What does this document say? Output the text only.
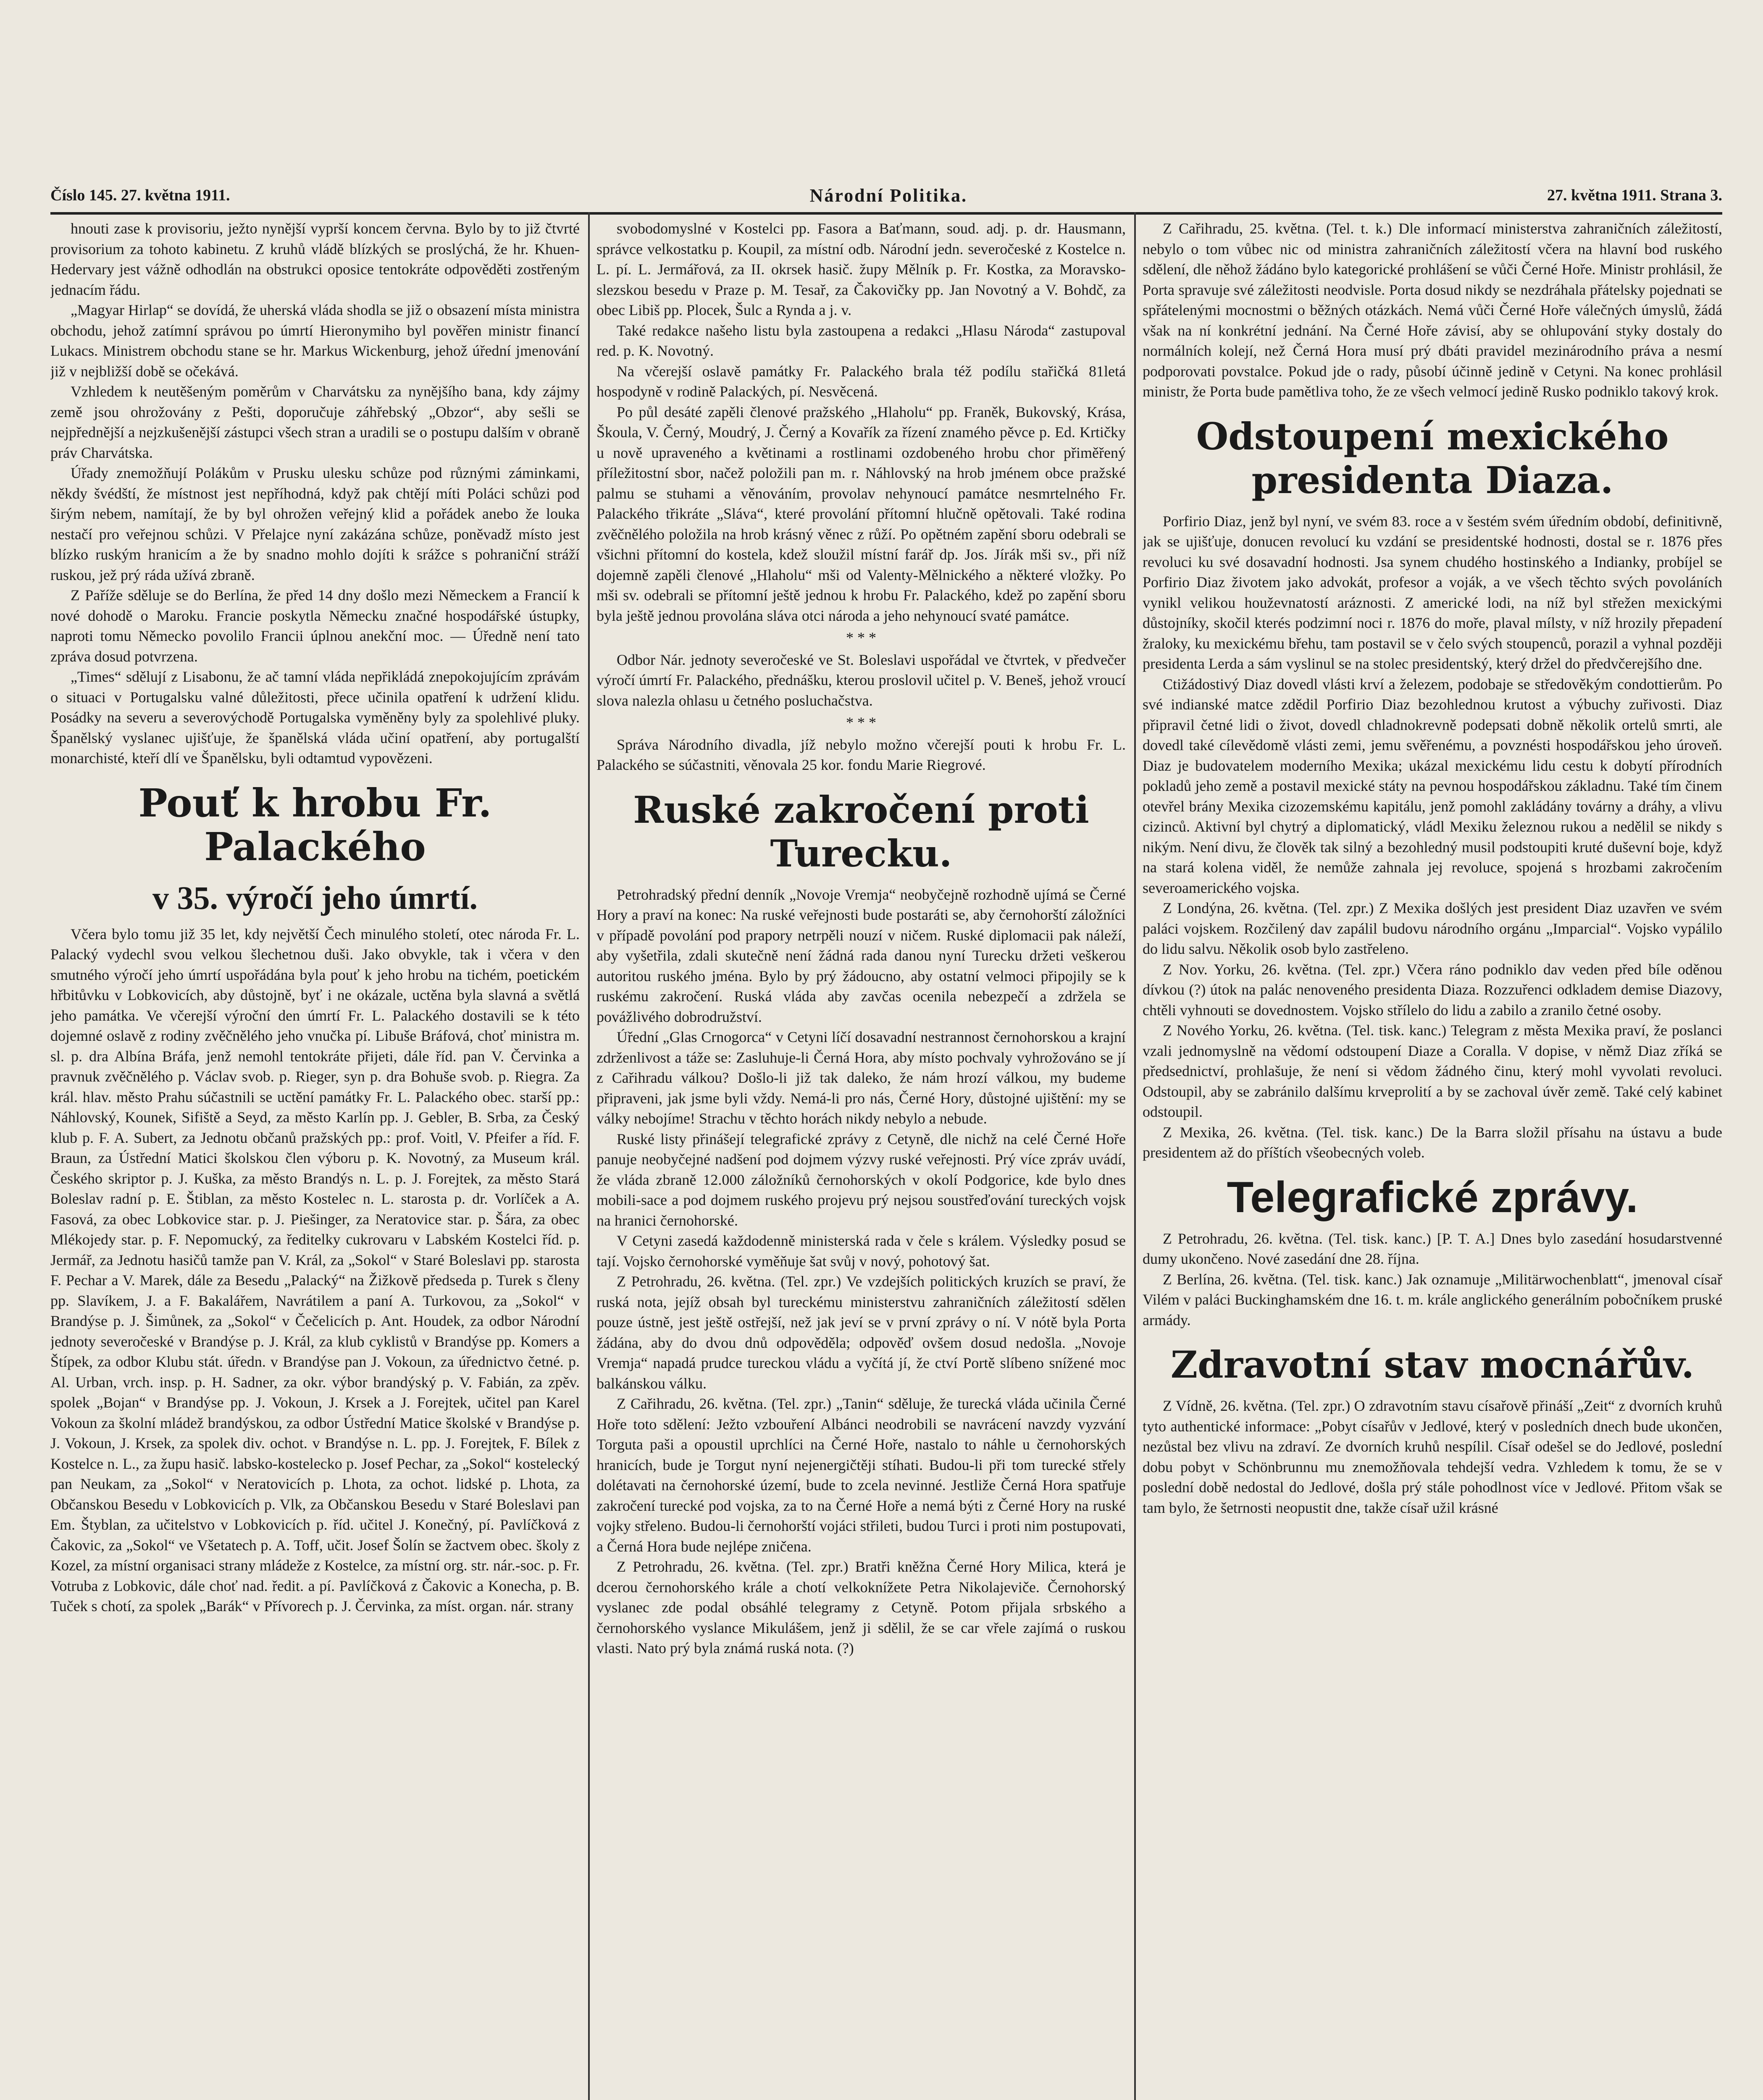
Číslo 145. 27. května 1911.	Národní Politika.	27. května 1911. Strana 3.

hnouti zase k provisoriu, ježto nynější vyprší koncem června. Bylo by to již čtvrté provisorium za tohoto kabinetu. Z kruhů vládě blízkých se proslýchá, že hr. Khuen-Hedervary jest vážně odhodlán na obstrukci oposice tentokráte odpověděti zostřeným jednacím řádu.

„Magyar Hirlap“ se dovídá, že uherská vláda shodla se již o obsazení místa ministra obchodu, jehož zatímní správou po úmrtí Hieronymiho byl pověřen ministr financí Lukacs. Ministrem obchodu stane se hr. Markus Wickenburg, jehož úřední jmenování již v nejbližší době se očekává.

Vzhledem k neutěšeným poměrům v Charvátsku za nynějšího bana, kdy zájmy země jsou ohrožovány z Pešti, doporučuje záhřebský „Obzor“, aby sešli se nejpřednější a nejzkušenější zástupci všech stran a uradili se o postupu dalším v obraně práv Charvátska.

Úřady znemožňují Polákům v Prusku ulesku schůze pod různými záminkami, někdy švédští, že místnost jest nepříhodná, když pak chtějí míti Poláci schůzi pod širým nebem, namítají, že by byl ohrožen veřejný klid a pořádek anebo že louka nestačí pro veřejnou schůzi. V Přelajce nyní zakázána schůze, poněvadž místo jest blízko ruským hranicím a že by snadno mohlo dojíti k srážce s pohraniční stráží ruskou, jež prý ráda užívá zbraně.

Z Paříže sděluje se do Berlína, že před 14 dny došlo mezi Německem a Francií k nové dohodě o Maroku. Francie poskytla Německu značné hospodářské ústupky, naproti tomu Německo povolilo Francii úplnou anekční moc. — Úředně není tato zpráva dosud potvrzena.

„Times“ sdělují z Lisabonu, že ač tamní vláda nepřikládá znepokojujícím zprávám o situaci v Portugalsku valné důležitosti, přece učinila opatření k udržení klidu. Posádky na severu a severovýchodě Portugalska vyměněny byly za spolehlivé pluky. Španělský vyslanec ujišťuje, že španělská vláda učiní opatření, aby portugalští monarchisté, kteří dlí ve Španělsku, byli odtamtud vypovězeni.

Pouť k hrobu Fr. Palackého
v 35. výročí jeho úmrtí.

Včera bylo tomu již 35 let, kdy největší Čech minulého století, otec národa Fr. L. Palacký vydechl svou velkou šlechetnou duši. Jako obvykle, tak i včera v den smutného výročí jeho úmrtí uspořádána byla pouť k jeho hrobu na tichém, poetickém hřbitůvku v Lobkovicích, aby důstojně, byť i ne okázale, uctěna byla slavná a světlá jeho památka. Ve včerejší výroční den úmrtí Fr. L. Palackého dostavili se k této dojemné oslavě z rodiny zvěčnělého jeho vnučka pí. Libuše Bráfová, choť ministra m. sl. p. dra Albína Bráfa, jenž nemohl tentokráte přijeti, dále říd. pan V. Červinka a pravnuk zvěčnělého p. Václav svob. p. Rieger, syn p. dra Bohuše svob. p. Riegra. Za král. hlav. město Prahu súčastnili se uctění památky Fr. L. Palackého obec. starší pp.: Náhlovský, Kounek, Sifiště a Seyd, za město Karlín pp. J. Gebler, B. Srba, za Český klub p. F. A. Subert, za Jednotu občanů pražských pp.: prof. Voitl, V. Pfeifer a říd. F. Braun, za Ústřední Matici školskou člen výboru p. K. Novotný, za Museum král. Českého skriptor p. J. Kuška, za město Brandýs n. L. p. J. Forejtek, za město Stará Boleslav radní p. E. Štiblan, za město Kostelec n. L. starosta p. dr. Vorlíček a A. Fasová, za obec Lobkovice star. p. J. Piešinger, za Neratovice star. p. Šára, za obec Mlékojedy star. p. F. Nepomucký, za ředitelky cukrovaru v Labském Kostelci říd. p. Jermář, za Jednotu hasičů tamže pan V. Král, za „Sokol“ v Staré Boleslavi pp. starosta F. Pechar a V. Marek, dále za Besedu „Palacký“ na Žižkově předseda p. Turek s členy pp. Slavíkem, J. a F. Bakalářem, Navrátilem a paní A. Turkovou, za „Sokol“ v Brandýse p. J. Šimůnek, za „Sokol“ v Čečelicích p. Ant. Houdek, za odbor Národní jednoty severočeské v Brandýse p. J. Král, za klub cyklistů v Brandýse pp. Komers a Štípek, za odbor Klubu stát. úředn. v Brandýse pan J. Vokoun, za úřednictvo četné. p. Al. Urban, vrch. insp. p. H. Sadner, za okr. výbor brandýský p. V. Fabián, za zpěv. spolek „Bojan“ v Brandýse pp. J. Vokoun, J. Krsek a J. Forejtek, učitel pan Karel Vokoun za školní mládež brandýskou, za odbor Ústřední Matice školské v Brandýse p. J. Vokoun, J. Krsek, za spolek div. ochot. v Brandýse n. L. pp. J. Forejtek, F. Bílek z Kostelce n. L., za župu hasič. labsko-kostelecko p. Josef Pechar, za „Sokol“ kostelecký pan Neukam, za „Sokol“ v Neratovicích p. Lhota, za ochot. lidské p. Lhota, za Občanskou Besedu v Lobkovicích p. Vlk, za Občanskou Besedu v Staré Boleslavi pan Em. Štyblan, za učitelstvo v Lobkovicích p. říd. učitel J. Konečný, pí. Pavlíčková z Čakovic, za „Sokol“ ve Všetatech p. A. Toff, učit. Josef Šolín se žactvem obec. školy z Kozel, za místní organisaci strany mládeže z Kostelce, za místní org. str. nár.-soc. p. Fr. Votruba z Lobkovic, dále choť nad. ředit. a pí. Pavlíčková z Čakovic a Konecha, p. B. Tuček s chotí, za spolek „Barák“ v Přívorech p. J. Červinka, za míst. organ. nár. strany

svobodomyslné v Kostelci pp. Fasora a Baťmann, soud. adj. p. dr. Hausmann, správce velkostatku p. Koupil, za místní odb. Národní jedn. severočeské z Kostelce n. L. pí. L. Jermářová, za II. okrsek hasič. župy Mělník p. Fr. Kostka, za Moravsko-slezskou besedu v Praze p. M. Tesař, za Čakovičky pp. Jan Novotný a V. Bohdč, za obec Libiš pp. Plocek, Šulc a Rynda a j. v.

Také redakce našeho listu byla zastoupena a redakci „Hlasu Národa“ zastupoval red. p. K. Novotný.

Na včerejší oslavě památky Fr. Palackého brala též podílu stařičká 81letá hospodyně v rodině Palackých, pí. Nesvěcená.

Po půl desáté zapěli členové pražského „Hlaholu“ pp. Franěk, Bukovský, Krása, Škoula, V. Černý, Moudrý, J. Černý a Kovařík za řízení znamého pěvce p. Ed. Krtičky u nově upraveného a květinami a rostlinami ozdobeného hrobu chor přiměřený příležitostní sbor, načež položili pan m. r. Náhlovský na hrob jménem obce pražské palmu se stuhami a věnováním, provolav nehynoucí památce nesmrtelného Fr. Palackého třikráte „Sláva“, které provolání přítomní hlučně opětovali. Také rodina zvěčnělého položila na hrob krásný věnec z růží. Po opětném zapění sboru odebrali se všichni přítomní do kostela, kdež sloužil místní farář dp. Jos. Jírák mši sv., při níž dojemně zapěli členové „Hlaholu“ mši od Valenty-Mělnického a některé vložky. Po mši sv. odebrali se přítomní ještě jednou k hrobu Fr. Palackého, kdež po zapění sboru byla ještě jednou provolána sláva otci národa a jeho nehynoucí svaté památce.

* * *

Odbor Nár. jednoty severočeské ve St. Boleslavi uspořádal ve čtvrtek, v předvečer výročí úmrtí Fr. Palackého, přednášku, kterou proslovil učitel p. V. Beneš, jehož vroucí slova nalezla ohlasu u četného posluchačstva.

* * *

Správa Národního divadla, jíž nebylo možno včerejší pouti k hrobu Fr. L. Palackého se súčastniti, věnovala 25 kor. fondu Marie Riegrové.

Ruské zakročení proti Turecku.

Petrohradský přední denník „Novoje Vremja“ neobyčejně rozhodně ujímá se Černé Hory a praví na konec: Na ruské veřejnosti bude postaráti se, aby černohorští záložníci v případě povolání pod prapory netrpěli nouzí v ničem. Ruské diplomacii pak náleží, aby vyšetřila, zdali skutečně není žádná rada danou nyní Turecku držeti veškerou autoritou ruského jména. Bylo by prý žádoucno, aby ostatní velmoci připojily se k ruskému zakročení. Ruská vláda aby zavčas ocenila nebezpečí a zdržela se povážlivého dobrodružství.

Úřední „Glas Crnogorca“ v Cetyni líčí dosavadní nestrannost černohorskou a krajní zdrženlivost a táže se: Zasluhuje-li Černá Hora, aby místo pochvaly vyhrožováno se jí z Cařihradu válkou? Došlo-li již tak daleko, že nám hrozí válkou, my budeme připraveni, jak jsme byli vždy. Nemá-li pro nás, Černé Hory, důstojné ujištění: my se války nebojíme! Strachu v těchto horách nikdy nebylo a nebude.

Ruské listy přinášejí telegrafické zprávy z Cetyně, dle nichž na celé Černé Hoře panuje neobyčejné nadšení pod dojmem výzvy ruské veřejnosti. Prý více zpráv uvádí, že vláda zbraně 12.000 záložníků černohorských v okolí Podgorice, kde bylo dnes mobili-sace a pod dojmem ruského projevu prý nejsou soustřeďování tureckých vojsk na hranici černohorské.

V Cetyni zasedá každodenně ministerská rada v čele s králem. Výsledky posud se tají. Vojsko černohorské vyměňuje šat svůj v nový, pohotový šat.

Z Petrohradu, 26. května. (Tel. zpr.) Ve vzdejších politických kruzích se praví, že ruská nota, jejíž obsah byl tureckému ministerstvu zahraničních záležitostí sdělen pouze ústně, jest ještě ostřejší, než jak jeví se v první zprávy o ní. V nótě byla Porta žádána, aby do dvou dnů odpověděla; odpověď ovšem dosud nedošla. „Novoje Vremja“ napadá prudce tureckou vládu a vyčítá jí, že ctví Portě slíbeno snížené moc balkánskou válku.

Z Cařihradu, 26. května. (Tel. zpr.) „Tanin“ sděluje, že turecká vláda učinila Černé Hoře toto sdělení: Ježto vzbouření Albánci neodrobili se navrácení navzdy vyzvání Torguta paši a opoustil uprchlíci na Černé Hoře, nastalo to náhle u černohorských hranicích, bude je Torgut nyní nejenergičtěji stíhati. Budou-li při tom turecké střely dolétavati na černohorské území, bude to zcela nevinné. Jestliže Černá Hora spatřuje zakročení turecké pod vojska, za to na Černé Hoře a nemá býti z Černé Hory na ruské vojky střeleno. Budou-li černohorští vojáci střileti, budou Turci i proti nim postupovati, a Černá Hora bude nejlépe zničena.

Z Petrohradu, 26. května. (Tel. zpr.) Bratři kněžna Černé Hory Milica, která je dcerou černohorského krále a chotí velkoknížete Petra Nikolajeviče. Černohorský vyslanec zde podal obsáhlé telegramy z Cetyně. Potom přijala srbského a černohorského vyslance Mikulášem, jenž ji sdělil, že se car vřele zajímá o ruskou vlasti. Nato prý byla známá ruská nota. (?)

Z Cařihradu, 25. května. (Tel. t. k.) Dle informací ministerstva zahraničních záležitostí, nebylo o tom vůbec nic od ministra zahraničních záležitostí včera na hlavní bod ruského sdělení, dle něhož žádáno bylo kategorické prohlášení se vůči Černé Hoře. Ministr prohlásil, že Porta spravuje své záležitosti neodvisle. Porta dosud nikdy se nezdráhala přátelsky pojednati se spřátelenými mocnostmi o běžných otázkách. Nemá vůči Černé Hoře válečných úmyslů, žádá však na ní konkrétní jednání. Na Černé Hoře závisí, aby se ohlupování styky dostaly do normálních kolejí, než Černá Hora musí prý dbáti pravidel mezinárodního práva a nesmí podporovati povstalce. Pokud jde o rady, působí účinně jedině v Cetyni. Na konec prohlásil ministr, že Porta bude pamětliva toho, že ze všech velmocí jedině Rusko podniklo takový krok.

Odstoupení mexického presidenta Diaza.

Porfirio Diaz, jenž byl nyní, ve svém 83. roce a v šestém svém úředním období, definitivně, jak se ujišťuje, donucen revolucí ku vzdání se presidentské hodnosti, dostal se r. 1876 přes revoluci ku své dosavadní hodnosti. Jsa synem chudého hostinského a Indianky, probíjel se Porfirio Diaz životem jako advokát, profesor a voják, a ve všech těchto svých povoláních vynikl velikou houževnatostí aráznosti. Z americké lodi, na níž byl střežen mexickými důstojníky, skočil kterés podzimní noci r. 1876 do moře, plaval mílsty, v níž hrozily přepadení žraloky, ku mexickému břehu, tam postavil se v čelo svých stoupenců, porazil a vyhnal později presidenta Lerda a sám vyslinul se na stolec presidentský, který držel do předvčerejšího dne.

Ctižádostivý Diaz dovedl vlásti krví a železem, podobaje se středověkým condottierům. Po své indianské matce zdědil Porfirio Diaz bezohlednou krutost a výbuchy zuřivosti. Diaz připravil četné lidi o život, dovedl chladnokrevně podepsati dobně několik ortelů smrti, ale dovedl také cílevědomě vlásti zemi, jemu svěřenému, a povznésti hospodářskou jeho úroveň. Diaz je budovatelem moderního Mexika; ukázal mexickému lidu cestu k dobytí přírodních pokladů jeho země a postavil mexické státy na pevnou hospodářskou základnu. Také tím činem otevřel brány Mexika cizozemskému kapitálu, jenž pomohl zakládány továrny a dráhy, a vlivu cizinců. Aktivní byl chytrý a diplomatický, vládl Mexiku železnou rukou a nedělil se nikdy s nikým. Není divu, že člověk tak silný a bezohledný musil podstoupiti kruté duševní boje, když na stará kolena viděl, že nemůže zahnala jej revoluce, spojená s hrozbami zakročením severoamerického vojska.

Z Londýna, 26. května. (Tel. zpr.) Z Mexika došlých jest president Diaz uzavřen ve svém paláci vojskem. Rozčilený dav zapálil budovu národního orgánu „Imparcial“. Vojsko vypálilo do lidu salvu. Několik osob bylo zastřeleno.

Z Nov. Yorku, 26. května. (Tel. zpr.) Včera ráno podniklo dav veden před bíle oděnou dívkou (?) útok na palác nenoveného presidenta Diaza. Rozzuřenci odkladem demise Diazovy, chtěli vyhnouti se dovednostem. Vojsko střílelo do lidu a zabilo a zranilo četné osoby.

Z Nového Yorku, 26. května. (Tel. tisk. kanc.) Telegram z města Mexika praví, že poslanci vzali jednomyslně na vědomí odstoupení Diaze a Coralla. V dopise, v němž Diaz zříká se předsednictví, prohlašuje, že není si vědom žádného činu, který mohl vyvolati revoluci. Odstoupil, aby se zabránilo dalšímu krveprolití a by se zachoval úvěr země. Také celý kabinet odstoupil.

Z Mexika, 26. května. (Tel. tisk. kanc.) De la Barra složil přísahu na ústavu a bude presidentem až do příštích všeobecných voleb.

Telegrafické zprávy.

Z Petrohradu, 26. května. (Tel. tisk. kanc.) [P. T. A.] Dnes bylo zasedání hosudarstvenné dumy ukončeno. Nové zasedání dne 28. října.

Z Berlína, 26. května. (Tel. tisk. kanc.) Jak oznamuje „Militärwochenblatt“, jmenoval císař Vilém v paláci Buckinghamském dne 16. t. m. krále anglického generálním pobočníkem pruské armády.

Zdravotní stav mocnářův.

Z Vídně, 26. května. (Tel. zpr.) O zdravotním stavu císařově přináší „Zeit“ z dvorních kruhů tyto authentické informace: „Pobyt císařův v Jedlové, který v posledních dnech bude ukončen, nezůstal bez vlivu na zdraví. Ze dvorních kruhů nespílil. Císař odešel se do Jedlové, poslední dobu pobyt v Schönbrunnu mu znemožňovala tehdejší vedra. Vzhledem k tomu, že se v poslední době nedostal do Jedlové, došla prý stále pohodlnost více v Jedlové. Přitom však se tam bylo, že šetrnosti neopustit dne, takže císař užil krásné
